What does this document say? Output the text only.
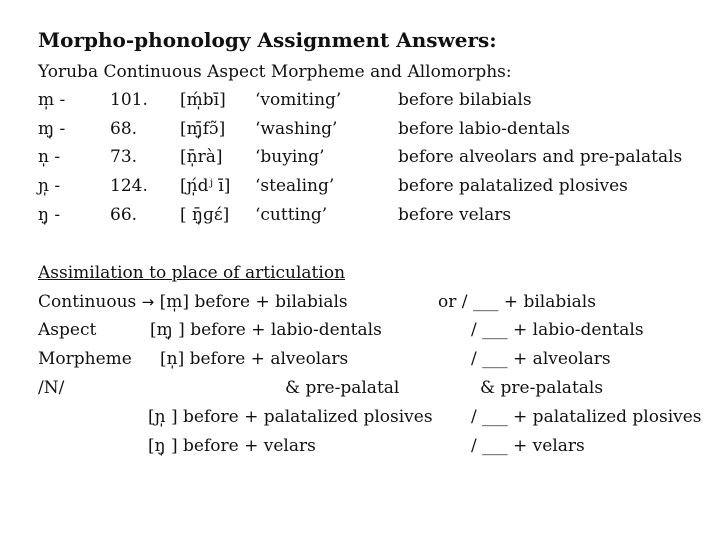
Morpho-phonology Assignment Answers:
Yoruba Continuous Aspect Morpheme and Allomorphs:
m̩ -	101. [ḿ̩bī] ‘vomiting’	before bilabials
ɱ̩ -	68.	[ɱ̩̄fɔ̃] ‘washing’	before labio-dentals
n̩ -	73.	[n̩̄rà] ‘buying’	before alveolars and pre-palatals
ɲ̩ -	124. [ɲ̩́dʲ ī] ‘stealing’	before palatalized plosives
ŋ̩ -	66.	[ ŋ̩̄ɡɛ́] ‘cutting’	before velars
Assimilation to place of articulation
Continuous → [m̩] before + bilabials	or / ___ + bilabials
Aspect	[ɱ̩ ] before + labio-dentals	/ ___ + labio-dentals
Morpheme [n̩] before + alveolars	/ ___ + alveolars
/N/	& pre-palatal	& pre-palatals
[ɲ̩ ] before + palatalized plosives / ___ + palatalized plosives
[ŋ̩ ] before + velars	/ ___ + velars
